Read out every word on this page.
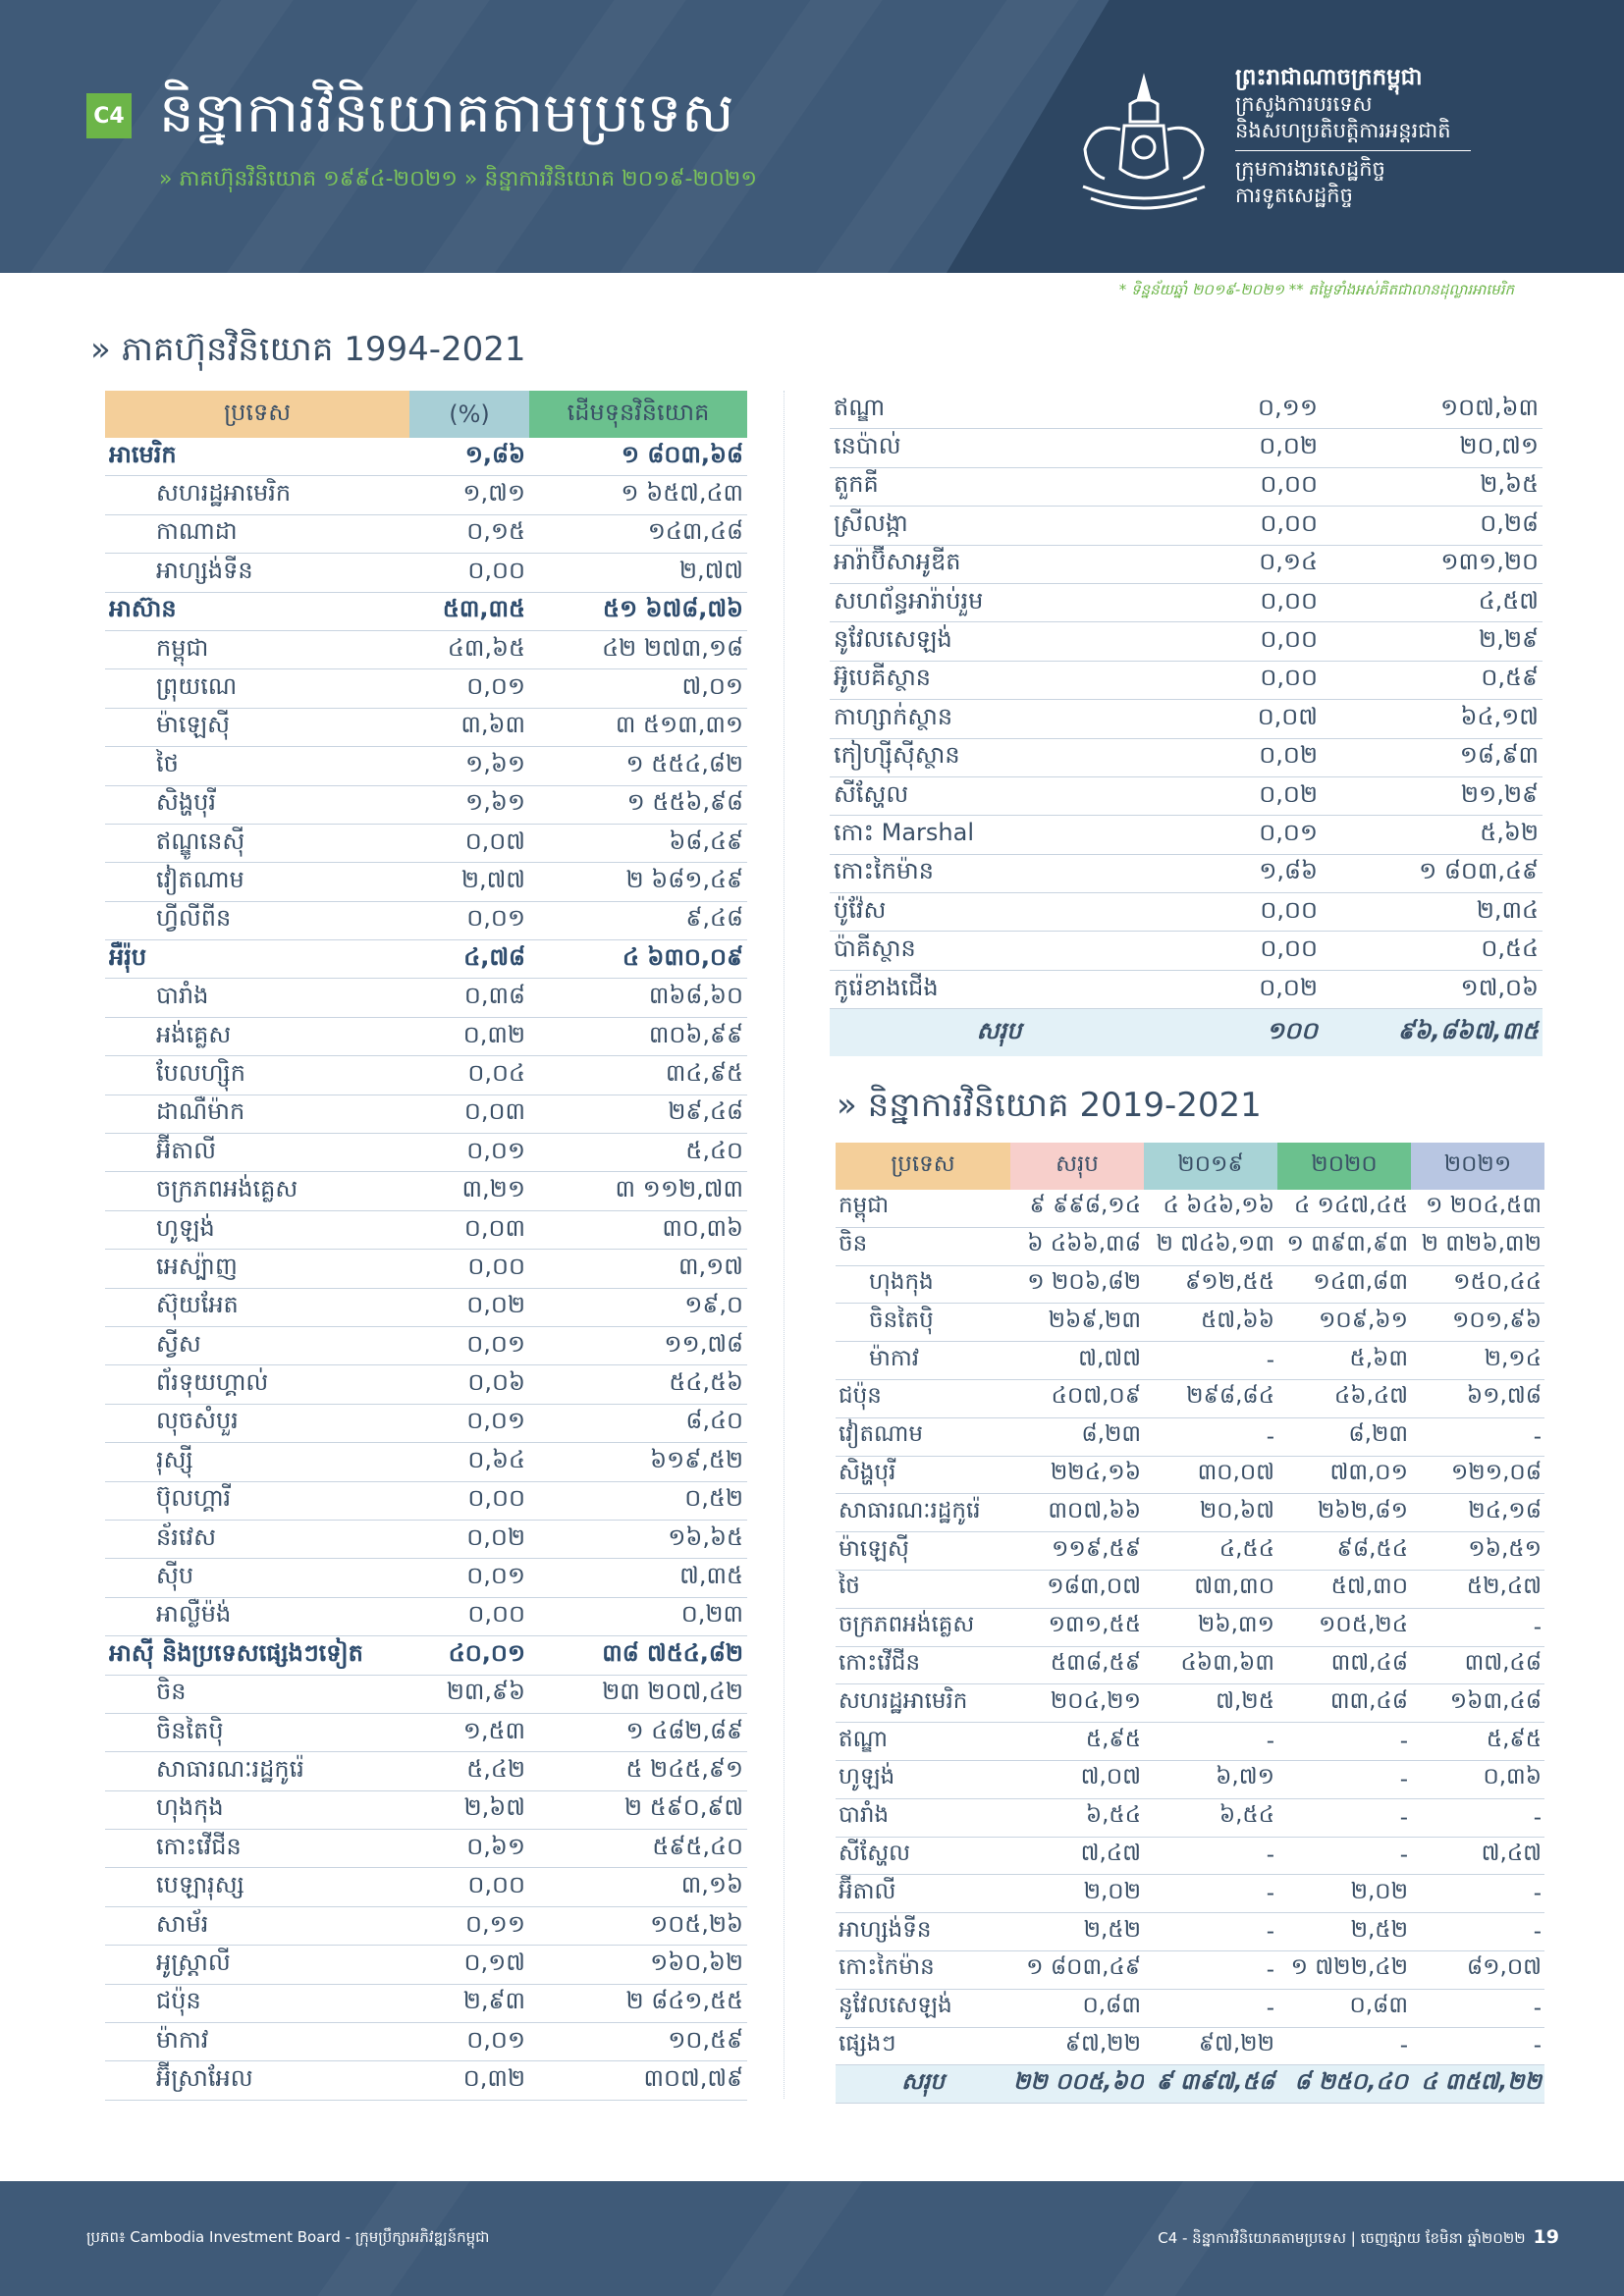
C4 និន្នាការវិនិយោគតាមប្រទេស
» ភាគហ៊ុនវិនិយោគ ១៩៩៤-២០២១ » និន្នាការវិនិយោគ ២០១៩-២០២១
ព្រះរាជាណាចក្រកម្ពុជា
ក្រសួងការបរទេស
និងសហប្រតិបត្តិការអន្តរជាតិ
ក្រុមការងារសេដ្ឋកិច្ច
ការទូតសេដ្ឋកិច្ច
* ទិន្នន័យឆ្នាំ ២០១៩-២០២១ ** តម្លៃទាំងអស់គិតជាលានដុល្លារអាមេរិក
» ភាគហ៊ុនវិនិយោគ 1994-2021
ប្រទេស	(%)	ដើមទុនវិនិយោគ
អាមេរិក	១,៨៦	១ ៨០៣,៦៨
សហរដ្ឋអាមេរិក	១,៧១	១ ៦៥៧,៤៣
កាណាដា	០,១៥	១៤៣,៤៨
អាហ្សង់ទីន	០,០០	២,៧៧
អាស៊ាន	៥៣,៣៥	៥១ ៦៧៨,៧៦
កម្ពុជា	៤៣,៦៥	៤២ ២៧៣,១៨
ព្រុយណេ	០,០១	៧,០១
ម៉ាឡេស៊ី	៣,៦៣	៣ ៥១៣,៣១
ថៃ	១,៦១	១ ៥៥៤,៨២
សិង្ហបុរី	១,៦១	១ ៥៥៦,៩៨
ឥណ្ឌូនេស៊ី	០,០៧	៦៨,៤៩
វៀតណាម	២,៧៧	២ ៦៨១,៤៩
ហ្វីលីពីន	០,០១	៩,៤៨
អឺរ៉ុប	៤,៧៨	៤ ៦៣០,០៩
បារាំង	០,៣៨	៣៦៨,៦០
អង់គ្លេស	០,៣២	៣០៦,៩៩
បែលហ្ស៊ិក	០,០៤	៣៤,៩៥
ដាណឺម៉ាក	០,០៣	២៩,៤៨
អ៊ីតាលី	០,០១	៥,៤០
ចក្រភពអង់គ្លេស	៣,២១	៣ ១១២,៧៣
ហូឡង់	០,០៣	៣០,៣៦
អេស្ប៉ាញ	០,០០	៣,១៧
ស៊ុយអែត	០,០២	១៩,០
ស្វីស	០,០១	១១,៧៨
ព័រទុយហ្គាល់	០,០៦	៥៤,៥៦
លុចសំបួរ	០,០១	៨,៤០
រុស្ស៊ី	០,៦៤	៦១៩,៥២
ប៊ុលហ្គារី	០,០០	០,៥២
ន័រវេស	០,០២	១៦,៦៥
ស៊ីប	០,០១	៧,៣៥
អាល្លឺម៉ង់	០,០០	០,២៣
អាស៊ី និងប្រទេសផ្សេងៗទៀត	៤០,០១	៣៨ ៧៥៤,៨២
ចិន	២៣,៩៦	២៣ ២០៧,៤២
ចិនតៃប៉ិ	១,៥៣	១ ៤៨២,៨៩
សាធារណៈរដ្ឋកូរ៉េ	៥,៤២	៥ ២៤៥,៩១
ហុងកុង	២,៦៧	២ ៥៩០,៩៧
កោះវើជីន	០,៦១	៥៩៥,៤០
បេឡារុស្ស	០,០០	៣,១៦
សាម័រ	០,១១	១០៥,២៦
អូស្ត្រាលី	០,១៧	១៦០,៦២
ជប៉ុន	២,៩៣	២ ៨៤១,៥៥
ម៉ាកាវ	០,០១	១០,៥៩
អ៊ីស្រាអែល	០,៣២	៣០៧,៧៩
ឥណ្ឌា	០,១១	១០៧,៦៣
នេប៉ាល់	០,០២	២០,៧១
តួកគី	០,០០	២,៦៥
ស្រីលង្កា	០,០០	០,២៨
អារ៉ាប៊ីសាអូឌីត	០,១៤	១៣១,២០
សហព័ន្ធអារ៉ាប់រួម	០,០០	៤,៥៧
នូវែលសេឡង់	០,០០	២,២៩
អ៊ូបេគីស្ថាន	០,០០	០,៥៩
កាហ្សាក់ស្ថាន	០,០៧	៦៤,១៧
កៀហ្ស៊ីស៊ីស្ថាន	០,០២	១៨,៩៣
សីស្ហែល	០,០២	២១,២៩
កោះ Marshal	០,០១	៥,៦២
កោះកៃម៉ាន	១,៨៦	១ ៨០៣,៤៩
ប៉ូវ៉ែស	០,០០	២,៣៤
ប៉ាគីស្ថាន	០,០០	០,៥៤
កូរ៉េខាងជើង	០,០២	១៧,០៦
សរុប	១០០	៩៦,៨៦៧,៣៥
» និន្នាការវិនិយោគ 2019-2021
ប្រទេស	សរុប	២០១៩	២០២០	២០២១
កម្ពុជា	៩ ៩៩៨,១៤	៤ ៦៤៦,១៦	៤ ១៤៧,៤៥	១ ២០៤,៥៣
ចិន	៦ ៤៦៦,៣៨	២ ៧៤៦,១៣	១ ៣៩៣,៩៣	២ ៣២៦,៣២
ហុងកុង	១ ២០៦,៨២	៩១២,៥៥	១៤៣,៨៣	១៥០,៤៤
ចិនតៃប៉ិ	២៦៩,២៣	៥៧,៦៦	១០៩,៦១	១០១,៩៦
ម៉ាកាវ	៧,៧៧	-	៥,៦៣	២,១៤
ជប៉ុន	៤០៧,០៩	២៩៨,៨៤	៤៦,៤៧	៦១,៧៨
វៀតណាម	៨,២៣	-	៨,២៣	-
សិង្ហបុរី	២២៤,១៦	៣០,០៧	៧៣,០១	១២១,០៨
សាធារណៈរដ្ឋកូរ៉េ	៣០៧,៦៦	២០,៦៧	២៦២,៨១	២៤,១៨
ម៉ាឡេស៊ី	១១៩,៥៩	៤,៥៤	៩៨,៥៤	១៦,៥១
ថៃ	១៨៣,០៧	៧៣,៣០	៥៧,៣០	៥២,៤៧
ចក្រភពអង់គ្លេស	១៣១,៥៥	២៦,៣១	១០៥,២៤	-
កោះវើជីន	៥៣៨,៥៩	៤៦៣,៦៣	៣៧,៤៨	៣៧,៤៨
សហរដ្ឋអាមេរិក	២០៤,២១	៧,២៥	៣៣,៤៨	១៦៣,៤៨
ឥណ្ឌា	៥,៩៥	-	-	៥,៩៥
ហូឡង់	៧,០៧	៦,៧១	-	០,៣៦
បារាំង	៦,៥៤	៦,៥៤	-	-
សីស្ហែល	៧,៤៧	-	-	៧,៤៧
អ៊ីតាលី	២,០២	-	២,០២	-
អាហ្សង់ទីន	២,៥២	-	២,៥២	-
កោះកៃម៉ាន	១ ៨០៣,៤៩	-	១ ៧២២,៤២	៨១,០៧
នូវែលសេឡង់	០,៨៣	-	០,៨៣	-
ផ្សេងៗ	៩៧,២២	៩៧,២២	-	-
សរុប	២២ ០០៥,៦០	៩ ៣៩៧,៥៨	៨ ២៥០,៤០	៤ ៣៥៧,២២
ប្រភព៖ Cambodia Investment Board - ក្រុមប្រឹក្សាអភិវឌ្ឍន៍កម្ពុជា	C4 - និន្នាការវិនិយោគតាមប្រទេស | ចេញផ្សាយ ខែមិនា ឆ្នាំ២០២២ 19
